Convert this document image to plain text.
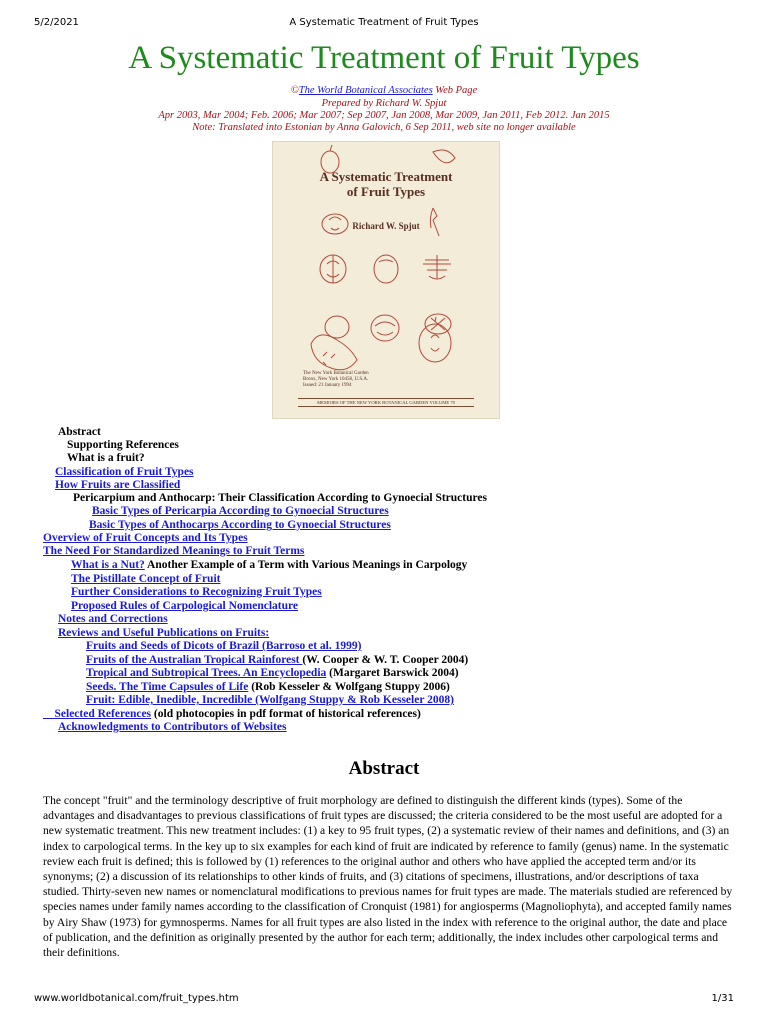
5/2/2021	A Systematic Treatment of Fruit Types
A Systematic Treatment of Fruit Types
©The World Botanical Associates Web Page
Prepared by Richard W. Spjut
Apr 2003, Mar 2004; Feb. 2006; Mar 2007; Sep 2007, Jan 2008, Mar 2009, Jan 2011, Feb 2012. Jan 2015
Note: Translated into Estonian by Anna Galovich, 6 Sep 2011, web site no longer available
A Systematic Treatment
of Fruit Types
Richard W. Spjut
The New York Botanical Garden
Bronx, New York 10458, U.S.A.
Issued: 21 January 1994
MEMOIRS OF THE NEW YORK BOTANICAL GARDEN VOLUME 70
Abstract
Supporting References
What is a fruit?
Classification of Fruit Types
How Fruits are Classified
Pericarpium and Anthocarp: Their Classification According to Gynoecial Structures
Basic Types of Pericarpia According to Gynoecial Structures
Basic Types of Anthocarps According to Gynoecial Structures
Overview of Fruit Concepts and Its Types
The Need For Standardized Meanings to Fruit Terms
What is a Nut? Another Example of a Term with Various Meanings in Carpology
The Pistillate Concept of Fruit
Further Considerations to Recognizing Fruit Types
Proposed Rules of Carpological Nomenclature
Notes and Corrections
Reviews and Useful Publications on Fruits:
Fruits and Seeds of Dicots of Brazil (Barroso et al. 1999)
Fruits of the Australian Tropical Rainforest (W. Cooper & W. T. Cooper 2004)
Tropical and Subtropical Trees. An Encyclopedia (Margaret Barswick 2004)
Seeds. The Time Capsules of Life (Rob Kesseler & Wolfgang Stuppy 2006)
Fruit: Edible, Inedible, Incredible (Wolfgang Stuppy & Rob Kesseler 2008)
Selected References (old photocopies in pdf format of historical references)
Acknowledgments to Contributors of Websites
Abstract

The concept "fruit" and the terminology descriptive of fruit morphology are defined to distinguish the different kinds (types). Some of the advantages and disadvantages to previous classifications of fruit types are discussed; the criteria considered to be the most useful are adopted for a new systematic treatment. This new treatment includes: (1) a key to 95 fruit types, (2) a systematic review of their names and definitions, and (3) an index to carpological terms. In the key up to six examples for each kind of fruit are indicated by reference to family (genus) name. In the systematic review each fruit is defined; this is followed by (1) references to the original author and others who have applied the accepted term and/or its synonyms; (2) a discussion of its relationships to other kinds of fruits, and (3) citations of specimens, illustrations, and/or descriptions of taxa studied. Thirty-seven new names or nomenclatural modifications to previous names for fruit types are made. The materials studied are referenced by species names under family names according to the classification of Cronquist (1981) for angiosperms (Magnoliophyta), and accepted family names by Airy Shaw (1973) for gymnosperms. Names for all fruit types are also listed in the index with reference to the original author, the date and place of publication, and the definition as originally presented by the author for each term; additionally, the index includes other carpological terms and their definitions.

www.worldbotanical.com/fruit_types.htm	1/31
